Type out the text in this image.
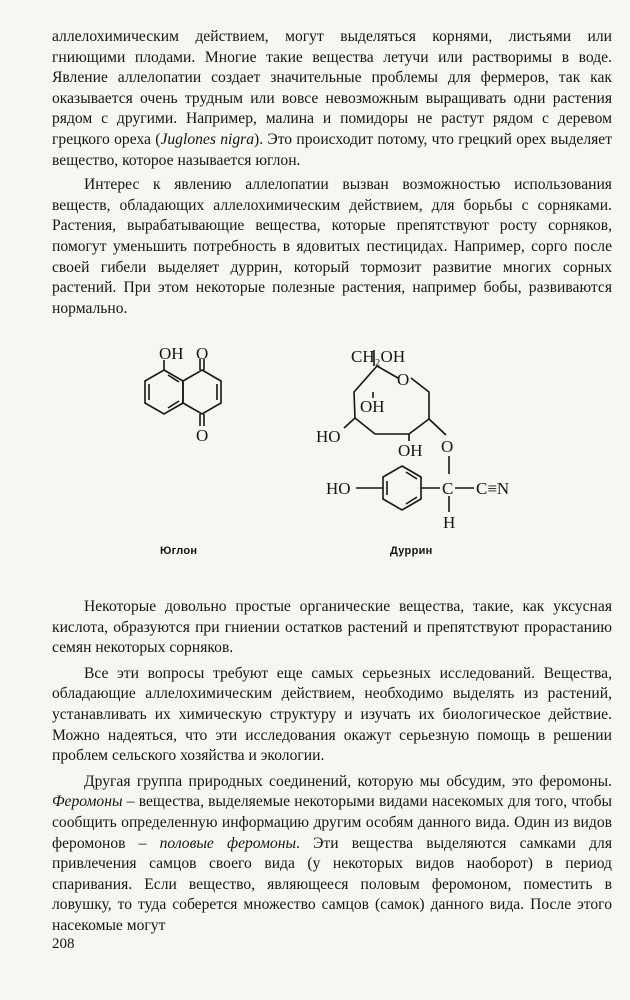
аллелохимическим действием, могут выделяться корнями, листьями или гниющими плодами. Многие такие вещества летучи или растворимы в воде. Явление аллелопатии создает значительные проблемы для фермеров, так как оказывается очень трудным или вовсе невозможным выращивать одни растения рядом с другими. Например, малина и помидоры не растут рядом с деревом грецкого ореха (Juglones nigra). Это происходит потому, что грецкий орех выделяет вещество, которое называется юглон.

Интерес к явлению аллелопатии вызван возможностью использования веществ, обладающих аллелохимическим действием, для борьбы с сорняками. Растения, вырабатывающие вещества, которые препятствуют росту сорняков, помогут уменьшить потребность в ядовитых пестицидах. Например, сорго после своей гибели выделяет дуррин, который тормозит развитие многих сорных растений. При этом некоторые полезные растения, например бобы, развиваются нормально.

OH O
O
O
CH₂OH
OH
HO
OH O
HO	C C≡N
H
Юглон	Дуррин

Некоторые довольно простые органические вещества, такие, как уксусная кислота, образуются при гниении остатков растений и препятствуют прорастанию семян некоторых сорняков.

Все эти вопросы требуют еще самых серьезных исследований. Вещества, обладающие аллелохимическим действием, необходимо выделять из растений, устанавливать их химическую структуру и изучать их биологическое действие. Можно надеяться, что эти исследования окажут серьезную помощь в решении проблем сельского хозяйства и экологии.

Другая группа природных соединений, которую мы обсудим, это феромоны. Феромоны – вещества, выделяемые некоторыми видами насекомых для того, чтобы сообщить определенную информацию другим особям данного вида. Один из видов феромонов – половые феромоны. Эти вещества выделяются самками для привлечения самцов своего вида (у некоторых видов наоборот) в период спаривания. Если вещество, являющееся половым феромоном, поместить в ловушку, то туда соберется множество самцов (самок) данного вида. После этого насекомые могут

208
